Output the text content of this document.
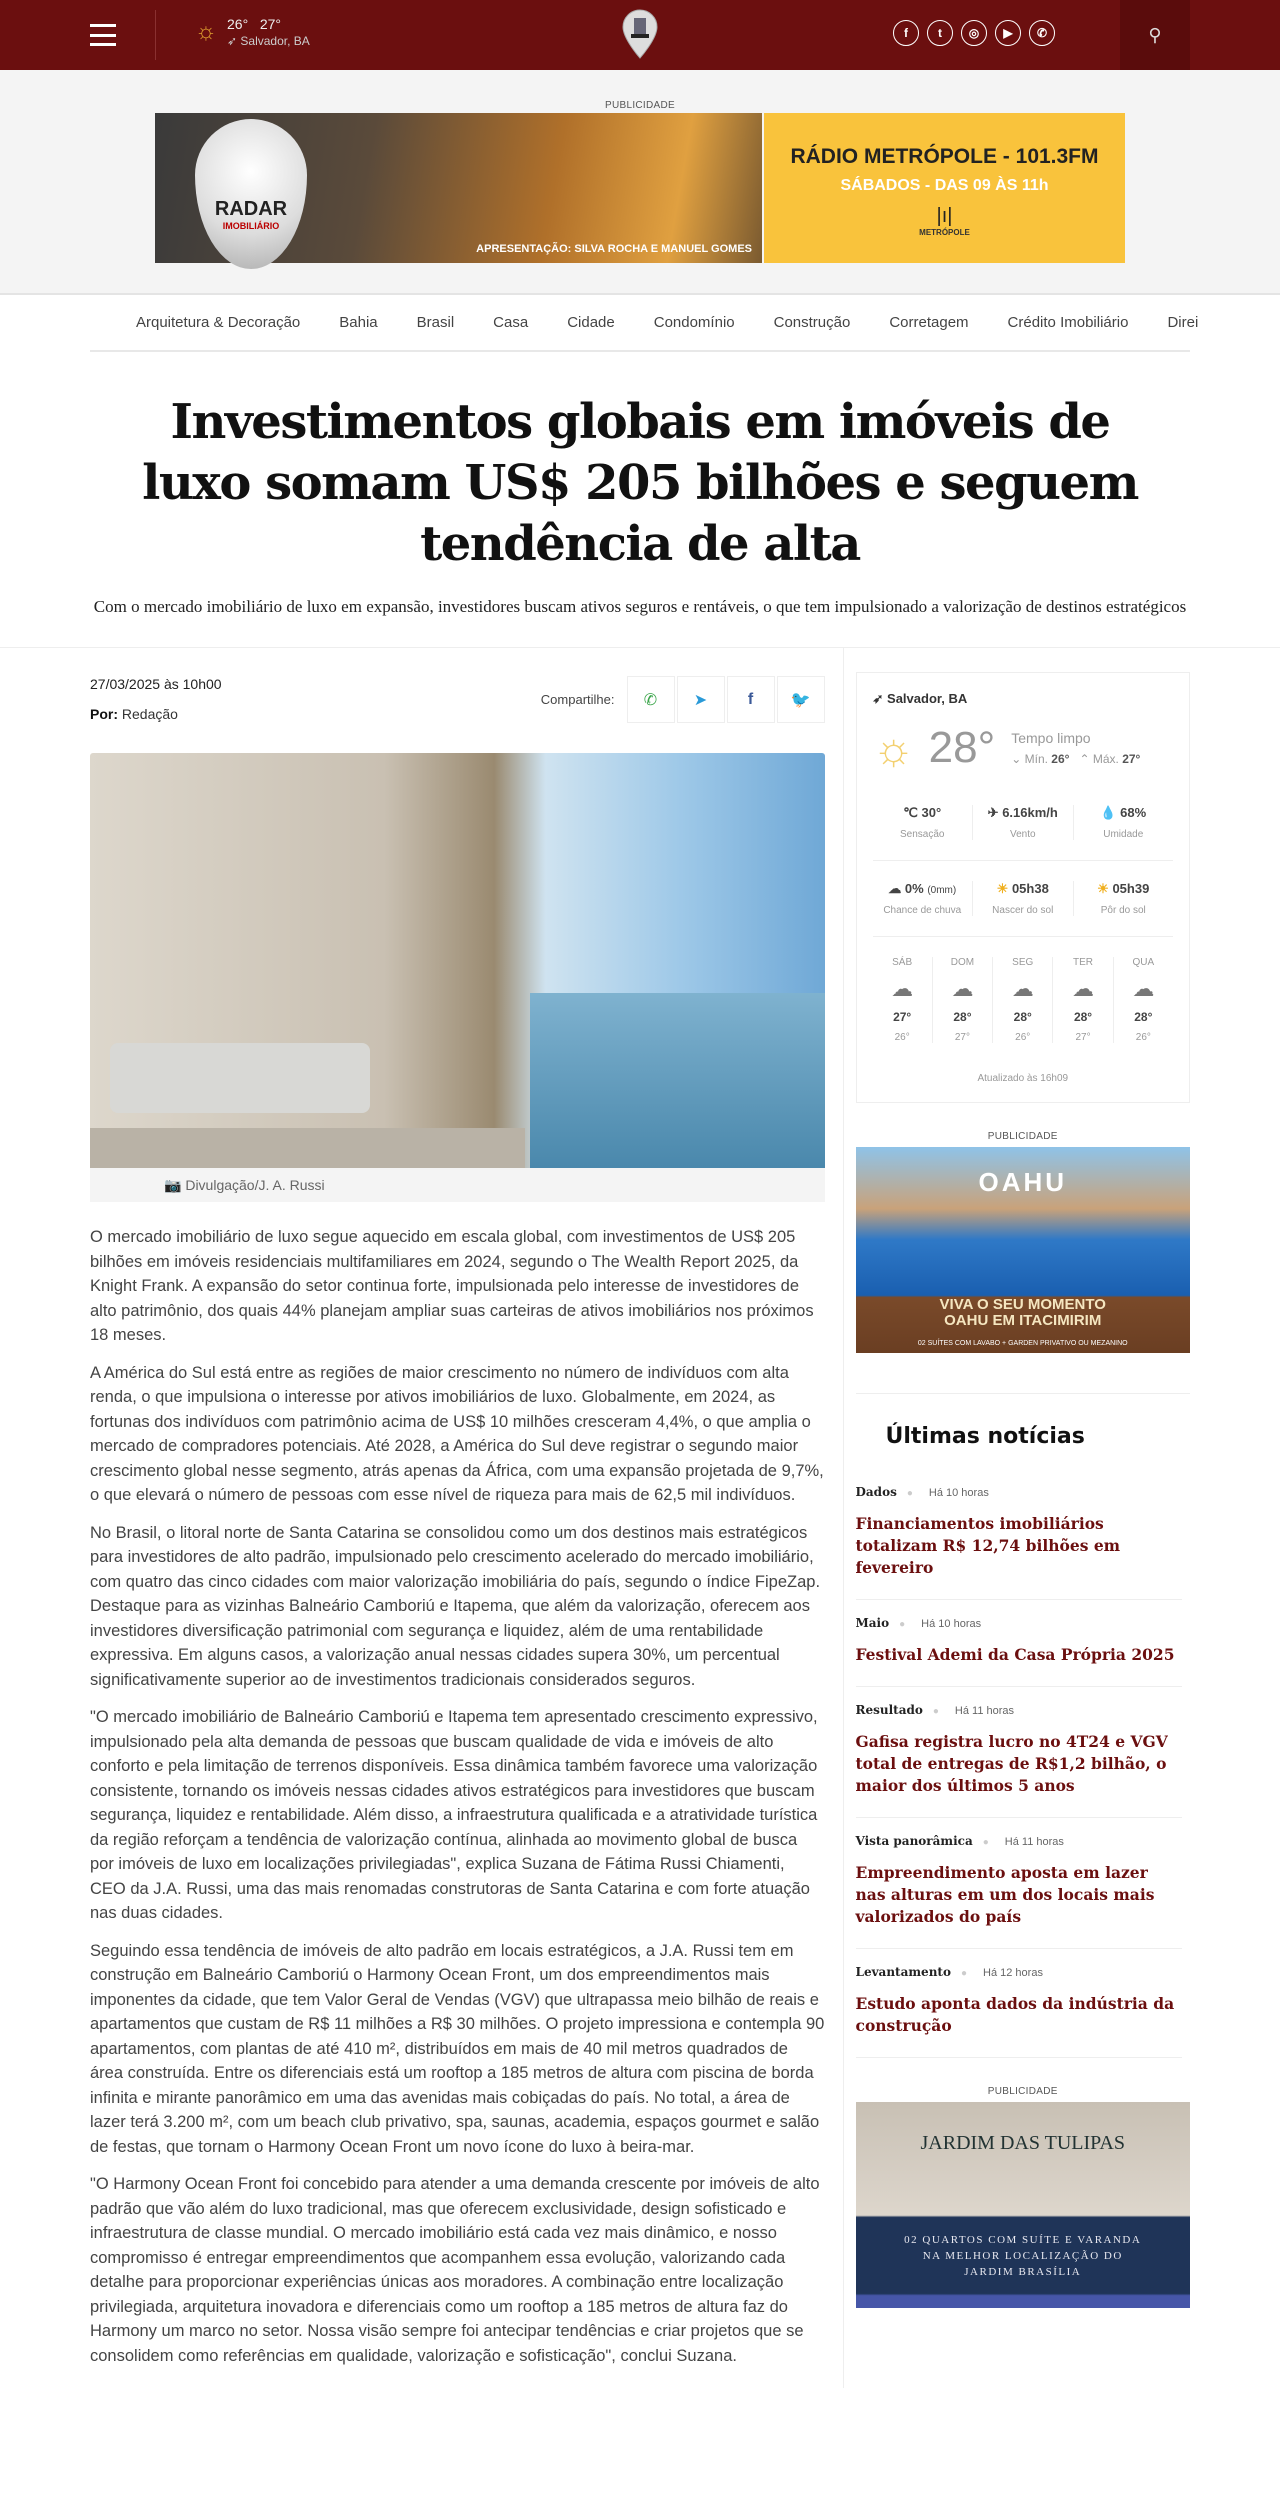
☼ 26° 27°
➶ Salvador, BA
f	t	◎	▶	✆	⚲
PUBLICIDADE
RADAR
IMOBILIÁRIO
APRESENTAÇÃO: SILVA ROCHA E MANUEL GOMES
RÁDIO METRÓPOLE - 101.3FM
SÁBADOS - DAS 09 ÀS 11h
|ı|
METRÓPOLE
Arquitetura & Decoração	Bahia	Brasil	Casa	Cidade	Condomínio	Construção	Corretagem	Crédito Imobiliário	Direi
Investimentos globais em imóveis de luxo somam US$ 205 bilhões e seguem tendência de alta
Com o mercado imobiliário de luxo em expansão, investidores buscam ativos seguros e rentáveis, o que tem impulsionado a valorização de destinos estratégicos
27/03/2025 às 10h00
Por: Redação
Compartilhe:	✆	➤	f	🐦
📷 Divulgação/J. A. Russi

O mercado imobiliário de luxo segue aquecido em escala global, com investimentos de US$ 205 bilhões em imóveis residenciais multifamiliares em 2024, segundo o The Wealth Report 2025, da Knight Frank. A expansão do setor continua forte, impulsionada pelo interesse de investidores de alto patrimônio, dos quais 44% planejam ampliar suas carteiras de ativos imobiliários nos próximos 18 meses.

A América do Sul está entre as regiões de maior crescimento no número de indivíduos com alta renda, o que impulsiona o interesse por ativos imobiliários de luxo. Globalmente, em 2024, as fortunas dos indivíduos com patrimônio acima de US$ 10 milhões cresceram 4,4%, o que amplia o mercado de compradores potenciais. Até 2028, a América do Sul deve registrar o segundo maior crescimento global nesse segmento, atrás apenas da África, com uma expansão projetada de 9,7%, o que elevará o número de pessoas com esse nível de riqueza para mais de 62,5 mil indivíduos.

No Brasil, o litoral norte de Santa Catarina se consolidou como um dos destinos mais estratégicos para investidores de alto padrão, impulsionado pelo crescimento acelerado do mercado imobiliário, com quatro das cinco cidades com maior valorização imobiliária do país, segundo o índice FipeZap. Destaque para as vizinhas Balneário Camboriú e Itapema, que além da valorização, oferecem aos investidores diversificação patrimonial com segurança e liquidez, além de uma rentabilidade expressiva. Em alguns casos, a valorização anual nessas cidades supera 30%, um percentual significativamente superior ao de investimentos tradicionais considerados seguros.

"O mercado imobiliário de Balneário Camboriú e Itapema tem apresentado crescimento expressivo, impulsionado pela alta demanda de pessoas que buscam qualidade de vida e imóveis de alto conforto e pela limitação de terrenos disponíveis. Essa dinâmica também favorece uma valorização consistente, tornando os imóveis nessas cidades ativos estratégicos para investidores que buscam segurança, liquidez e rentabilidade. Além disso, a infraestrutura qualificada e a atratividade turística da região reforçam a tendência de valorização contínua, alinhada ao movimento global de busca por imóveis de luxo em localizações privilegiadas", explica Suzana de Fátima Russi Chiamenti, CEO da J.A. Russi, uma das mais renomadas construtoras de Santa Catarina e com forte atuação nas duas cidades.

Seguindo essa tendência de imóveis de alto padrão em locais estratégicos, a J.A. Russi tem em construção em Balneário Camboriú o Harmony Ocean Front, um dos empreendimentos mais imponentes da cidade, que tem Valor Geral de Vendas (VGV) que ultrapassa meio bilhão de reais e apartamentos que custam de R$ 11 milhões a R$ 30 milhões. O projeto impressiona e contempla 90 apartamentos, com plantas de até 410 m², distribuídos em mais de 40 mil metros quadrados de área construída. Entre os diferenciais está um rooftop a 185 metros de altura com piscina de borda infinita e mirante panorâmico em uma das avenidas mais cobiçadas do país. No total, a área de lazer terá 3.200 m², com um beach club privativo, spa, saunas, academia, espaços gourmet e salão de festas, que tornam o Harmony Ocean Front um novo ícone do luxo à beira-mar.

"O Harmony Ocean Front foi concebido para atender a uma demanda crescente por imóveis de alto padrão que vão além do luxo tradicional, mas que oferecem exclusividade, design sofisticado e infraestrutura de classe mundial. O mercado imobiliário está cada vez mais dinâmico, e nosso compromisso é entregar empreendimentos que acompanhem essa evolução, valorizando cada detalhe para proporcionar experiências únicas aos moradores. A combinação entre localização privilegiada, arquitetura inovadora e diferenciais como um rooftop a 185 metros de altura faz do Harmony um marco no setor. Nossa visão sempre foi antecipar tendências e criar projetos que se consolidem como referências em qualidade, valorização e sofisticação", conclui Suzana.

➶ Salvador, BA
☼ 28° Tempo limpo
⌄ Mín. 26°   ⌃ Máx. 27°
℃ 30°
Sensação
✈ 6.16km/h
Vento
💧 68%
Umidade
☁ 0% (0mm)
Chance de chuva
☀ 05h38
Nascer do sol
☀ 05h39
Pôr do sol
SÁB
☁
27°
26°
DOM
☁
28°
27°
SEG
☁
28°
26°
TER
☁
28°
27°
QUA
☁
28°
26°
Atualizado às 16h09
PUBLICIDADE
OAHU
VIVA O SEU MOMENTO
OAHU EM ITACIMIRIM
02 SUÍTES COM LAVABO + GARDEN PRIVATIVO OU MEZANINO
Últimas notícias
Dados ● Há 10 horas
Financiamentos imobiliários totalizam R$ 12,74 bilhões em fevereiro
Maio ● Há 10 horas
Festival Ademi da Casa Própria 2025
Resultado ● Há 11 horas
Gafisa registra lucro no 4T24 e VGV total de entregas de R$1,2 bilhão, o maior dos últimos 5 anos
Vista panorâmica ● Há 11 horas
Empreendimento aposta em lazer nas alturas em um dos locais mais valorizados do país
Levantamento ● Há 12 horas
Estudo aponta dados da indústria da construção
PUBLICIDADE
JARDIM DAS TULIPAS
02 QUARTOS COM SUÍTE E VARANDA
NA MELHOR LOCALIZAÇÃO DO
JARDIM BRASÍLIA
